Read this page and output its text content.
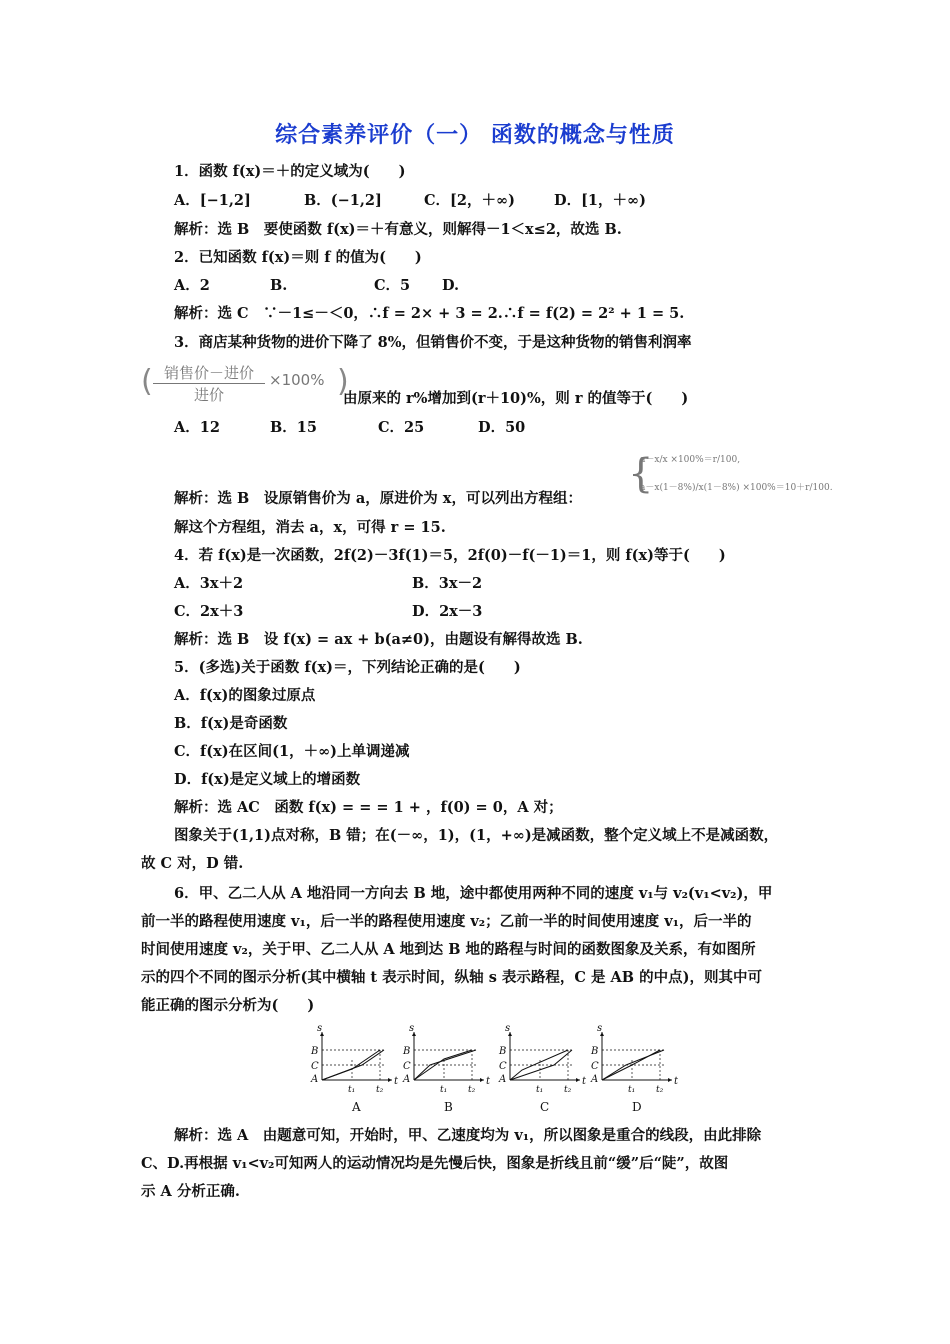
综合素养评价（一） 函数的概念与性质
1．函数 f(x)＝＋的定义域为(　　)
A．[−1,2]	B．(−1,2]	C．[2，＋∞)	D．[1，＋∞)
解析：选 B　要使函数 f(x)＝＋有意义，则解得－1＜x≤2，故选 B.
2．已知函数 f(x)＝则 f 的值为(　　)
A．2	B.	C．5 D.
解析：选 C　∵－1≤－＜0，∴f = 2× + 3 = 2.∴f = f(2) = 2² + 1 = 5.
3．商店某种货物的进价下降了 8%，但销售价不变，于是这种货物的销售利润率
( 销售价－进价
进价
×100% )
由原来的 r%增加到(r＋10)%，则 r 的值等于(　　)
A．12	B．15	C．25	D．50
{
a－x/x ×100%＝r/100,
a－x(1－8%)/x(1－8%) ×100%＝10＋r/100.
解析：选 B　设原销售价为 a，原进价为 x，可以列出方程组：
解这个方程组，消去 a，x，可得 r = 15.
4．若 f(x)是一次函数，2f(2)－3f(1)＝5，2f(0)－f(－1)＝1，则 f(x)等于(　　)
A．3x＋2	B．3x－2
C．2x＋3	D．2x－3
解析：选 B　设 f(x) = ax + b(a≠0)，由题设有解得故选 B.
5．(多选)关于函数 f(x)＝，下列结论正确的是(　　)
A．f(x)的图象过原点
B．f(x)是奇函数
C．f(x)在区间(1，＋∞)上单调递减
D．f(x)是定义域上的增函数
解析：选 AC　函数 f(x) = = = 1 + ，f(0) = 0，A 对；
图象关于(1,1)点对称，B 错；在(－∞，1)，(1，+∞)是减函数，整个定义域上不是减函数，
故 C 对，D 错.
6．甲、乙二人从 A 地沿同一方向去 B 地，途中都使用两种不同的速度 v₁与 v₂(v₁<v₂)，甲
前一半的路程使用速度 v₁，后一半的路程使用速度 v₂；乙前一半的时间使用速度 v₁，后一半的
时间使用速度 v₂，关于甲、乙二人从 A 地到达 B 地的路程与时间的函数图象及关系，有如图所
示的四个不同的图示分析(其中横轴 t 表示时间，纵轴 s 表示路程，C 是 AB 的中点)，则其中可
能正确的图示分析为(　　)
s
t
B
C
A
t₁ t₂
A
s
t
B
C
A
t₁ t₂
B
s
t
B
C
A
t₁ t₂
C
s
t
B
C
A
t₁ t₂
D
解析：选 A　由题意可知，开始时，甲、乙速度均为 v₁，所以图象是重合的线段，由此排除
C、D.再根据 v₁<v₂可知两人的运动情况均是先慢后快，图象是折线且前“缓”后“陡”，故图
示 A 分析正确.
